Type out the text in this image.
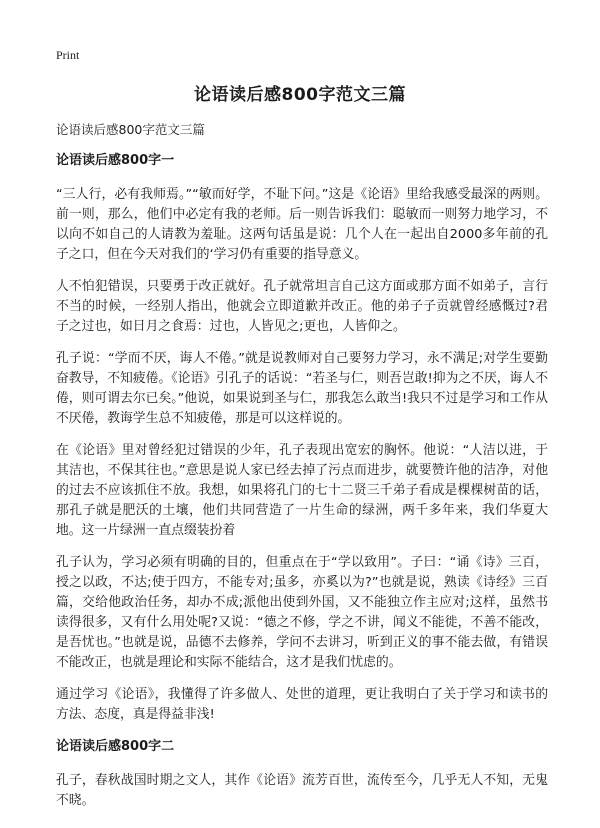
Print
论语读后感800字范文三篇
论语读后感800字范文三篇
论语读后感800字一

“三人行，必有我师焉。”“敏而好学，不耻下问。”这是《论语》里给我感受最深的两则。前一则，那么，他们中必定有我的老师。后一则告诉我们：聪敏而一则努力地学习，不以向不如自己的人请教为羞耻。这两句话虽是说：几个人在一起出自2000多年前的孔子之口，但在今天对我们的‘学习仍有重要的指导意义。

人不怕犯错误，只要勇于改正就好。孔子就常坦言自己这方面或那方面不如弟子，言行不当的时候，一经别人指出，他就会立即道歉并改正。他的弟子子贡就曾经感慨过?君子之过也，如日月之食焉：过也，人皆见之;更也，人皆仰之。

孔子说：“学而不厌，诲人不倦。”就是说教师对自己要努力学习，永不满足;对学生要勤奋教导，不知疲倦。《论语》引孔子的话说：“若圣与仁，则吾岂敢!抑为之不厌，诲人不倦，则可谓去尔已矣。”他说，如果说到圣与仁，那我怎么敢当!我只不过是学习和工作从不厌倦，教诲学生总不知疲倦，那是可以这样说的。

在《论语》里对曾经犯过错误的少年，孔子表现出宽宏的胸怀。他说：“人洁以进，于其洁也，不保其往也。”意思是说人家已经去掉了污点而进步，就要赞许他的洁净，对他的过去不应该抓住不放。我想，如果将孔门的七十二贤三千弟子看成是棵棵树苗的话，那孔子就是肥沃的土壤，他们共同营造了一片生命的绿洲，两千多年来，我们华夏大地。这一片绿洲一直点缀装扮着

孔子认为，学习必须有明确的目的，但重点在于“学以致用”。子曰：“诵《诗》三百，授之以政，不达;使于四方，不能专对;虽多，亦奚以为?”也就是说，熟读《诗经》三百篇，交给他政治任务，却办不成;派他出使到外国，又不能独立作主应对;这样，虽然书读得很多，又有什么用处呢?又说：“德之不修，学之不讲，闻义不能徙，不善不能改，是吾忧也。”也就是说，品德不去修养，学问不去讲习，听到正义的事不能去做，有错误不能改正，也就是理论和实际不能结合，这才是我们忧虑的。

通过学习《论语》，我懂得了许多做人、处世的道理，更让我明白了关于学习和读书的方法、态度，真是得益非浅!

论语读后感800字二

孔子，春秋战国时期之文人，其作《论语》流芳百世，流传至今，几乎无人不知，无鬼不晓。
